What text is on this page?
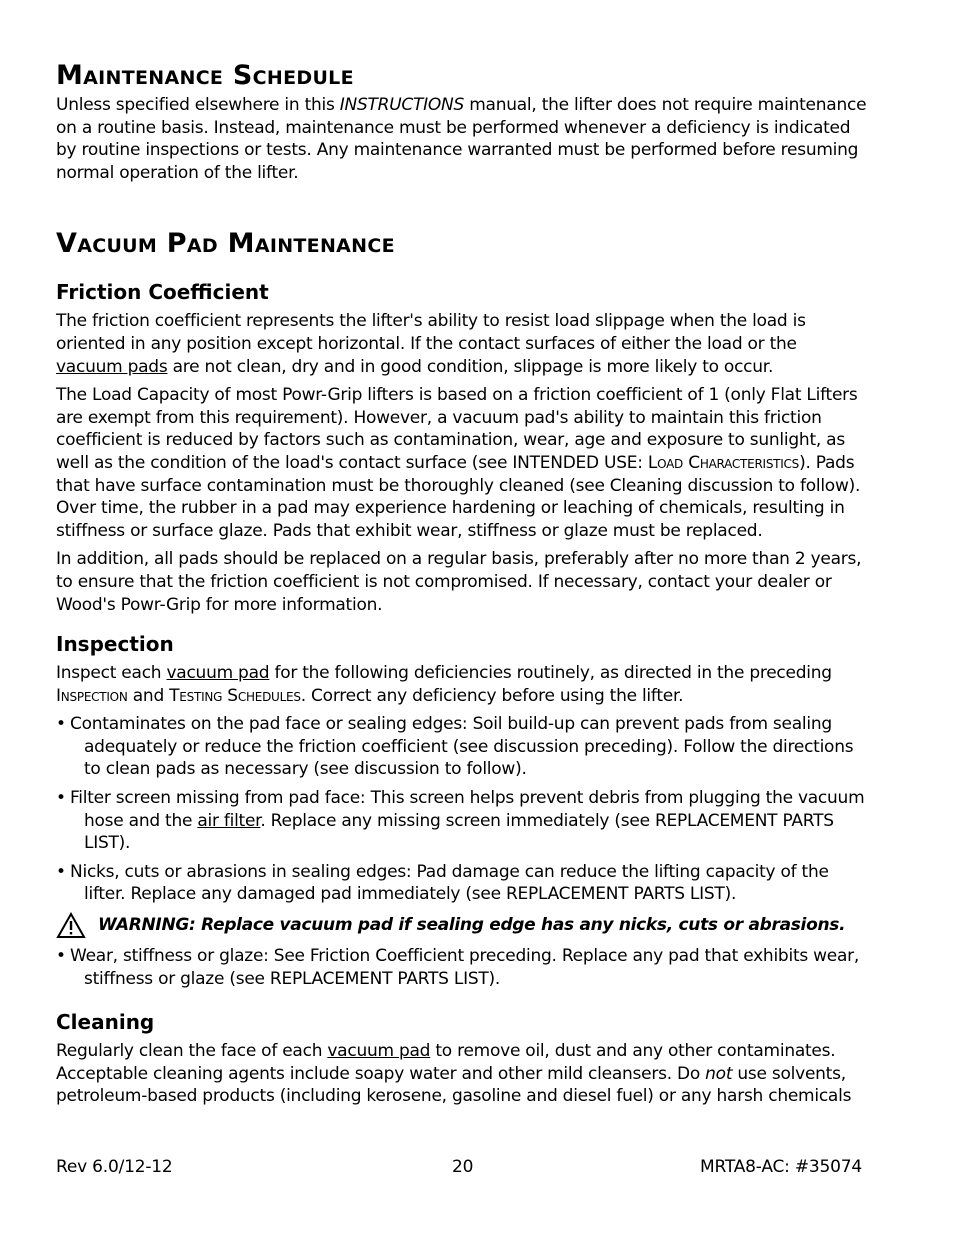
Maintenance Schedule

Unless specified elsewhere in this INSTRUCTIONS manual, the lifter does not require maintenance on a routine basis. Instead, maintenance must be performed whenever a deficiency is indicated by routine inspections or tests. Any maintenance warranted must be performed before resuming normal operation of the lifter.

Vacuum Pad Maintenance
Friction Coefficient

The friction coefficient represents the lifter's ability to resist load slippage when the load is oriented in any position except horizontal. If the contact surfaces of either the load or the vacuum pads are not clean, dry and in good condition, slippage is more likely to occur.

The Load Capacity of most Powr-Grip lifters is based on a friction coefficient of 1 (only Flat Lifters are exempt from this requirement). However, a vacuum pad's ability to maintain this friction coefficient is reduced by factors such as contamination, wear, age and exposure to sunlight, as well as the condition of the load's contact surface (see INTENDED USE: Load Characteristics). Pads that have surface contamination must be thoroughly cleaned (see Cleaning discussion to follow). Over time, the rubber in a pad may experience hardening or leaching of chemicals, resulting in stiffness or surface glaze. Pads that exhibit wear, stiffness or glaze must be replaced.

In addition, all pads should be replaced on a regular basis, preferably after no more than 2 years, to ensure that the friction coefficient is not compromised. If necessary, contact your dealer or Wood's Powr-Grip for more information.

Inspection

Inspect each vacuum pad for the following deficiencies routinely, as directed in the preceding Inspection and Testing Schedules. Correct any deficiency before using the lifter.

• Contaminates on the pad face or sealing edges: Soil build-up can prevent pads from sealing adequately or reduce the friction coefficient (see discussion preceding). Follow the directions to clean pads as necessary (see discussion to follow).
• Filter screen missing from pad face: This screen helps prevent debris from plugging the vacuum hose and the air filter. Replace any missing screen immediately (see REPLACEMENT PARTS LIST).
• Nicks, cuts or abrasions in sealing edges: Pad damage can reduce the lifting capacity of the lifter. Replace any damaged pad immediately (see REPLACEMENT PARTS LIST).
WARNING: Replace vacuum pad if sealing edge has any nicks, cuts or abrasions.
• Wear, stiffness or glaze: See Friction Coefficient preceding. Replace any pad that exhibits wear, stiffness or glaze (see REPLACEMENT PARTS LIST).
Cleaning

Regularly clean the face of each vacuum pad to remove oil, dust and any other contaminates. Acceptable cleaning agents include soapy water and other mild cleansers. Do not use solvents, petroleum-based products (including kerosene, gasoline and diesel fuel) or any harsh chemicals

Rev 6.0/12-12	20	MRTA8-AC: #35074
